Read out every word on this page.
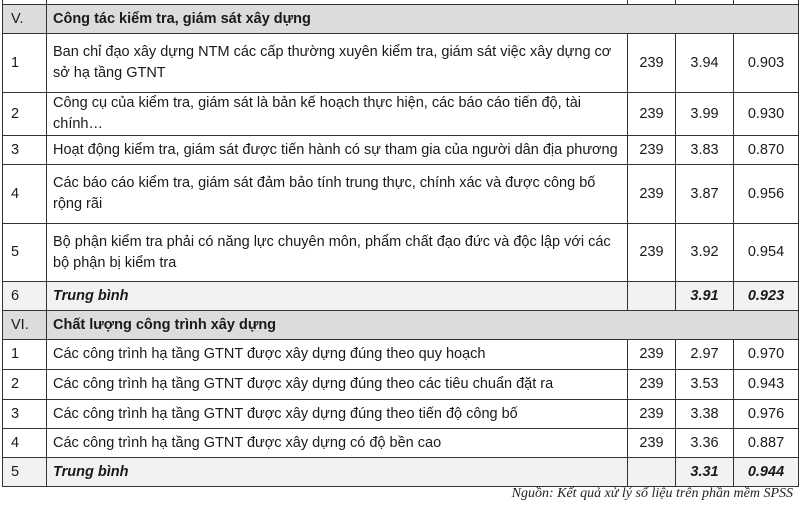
V.	Công tác kiểm tra, giám sát xây dựng			
1	Ban chỉ đạo xây dựng NTM các cấp thường xuyên kiểm tra, giám sát việc xây dựng cơ sở hạ tầng GTNT	239	3.94	0.903
2	Công cụ của kiểm tra, giám sát là bản kế hoạch thực hiện, các báo cáo tiến độ, tài chính…	239	3.99	0.930
3	Hoạt động kiểm tra, giám sát được tiến hành có sự tham gia của người dân địa phương	239	3.83	0.870
4	Các báo cáo kiểm tra, giám sát đảm bảo tính trung thực, chính xác và được công bố rộng rãi	239	3.87	0.956
5	Bộ phận kiểm tra phải có năng lực chuyên môn, phẩm chất đạo đức và độc lập với các bộ phận bị kiểm tra	239	3.92	0.954
6	Trung bình		3.91	0.923
VI.	Chất lượng công trình xây dựng			
1	Các công trình hạ tầng GTNT được xây dựng đúng theo quy hoạch	239	2.97	0.970
2	Các công trình hạ tầng GTNT được xây dựng đúng theo các tiêu chuẩn đặt ra	239	3.53	0.943
3	Các công trình hạ tầng GTNT được xây dựng đúng theo tiến độ công bố	239	3.38	0.976
4	Các công trình hạ tầng GTNT được xây dựng có độ bền cao	239	3.36	0.887
5	Trung bình		3.31	0.944
Nguồn: Kết quả xử lý số liệu trên phần mềm SPSS
